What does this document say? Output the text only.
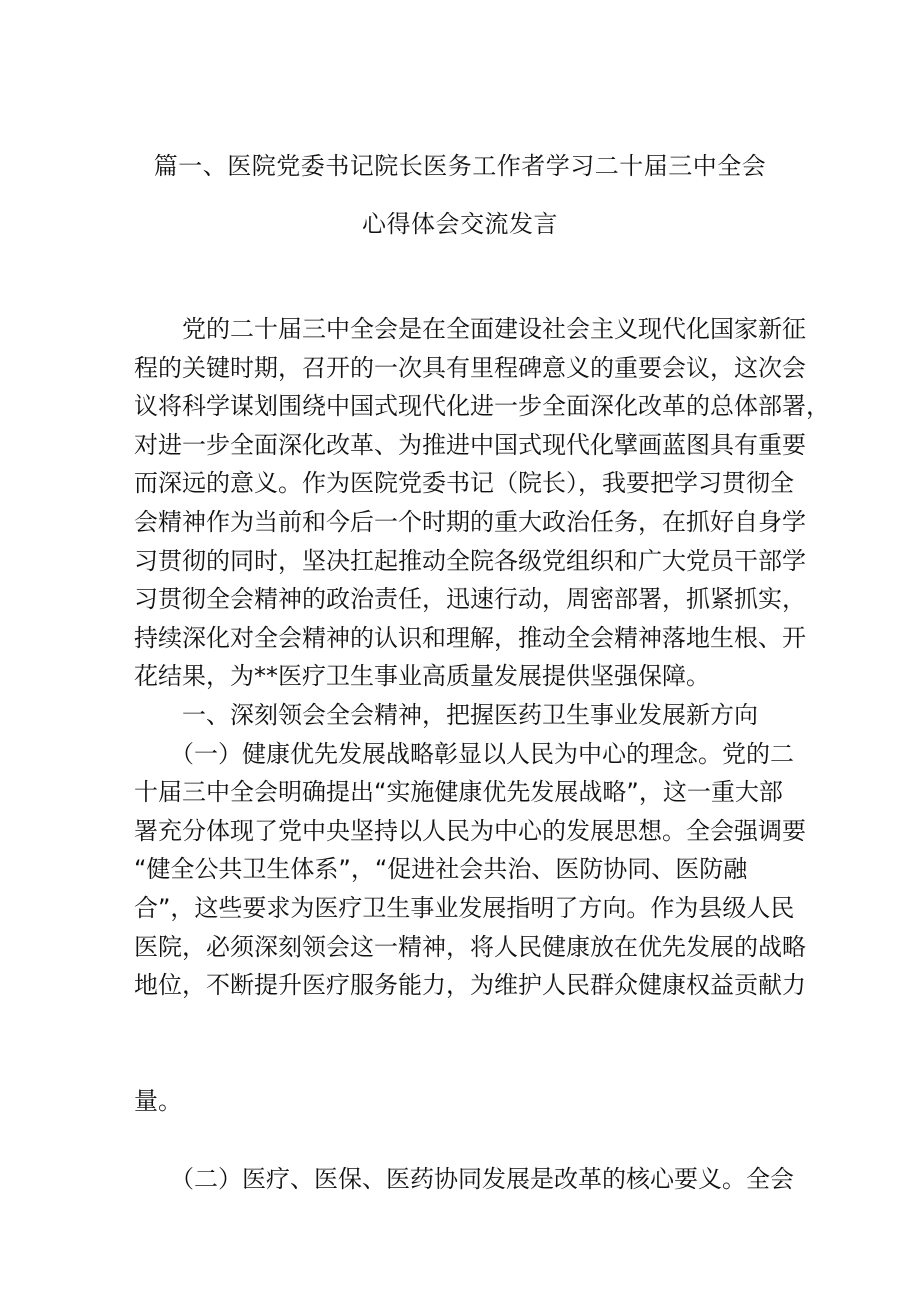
篇一、医院党委书记院长医务工作者学习二十届三中全会
心得体会交流发言
　　党的二十届三中全会是在全面建设社会主义现代化国家新征
程的关键时期，召开的一次具有里程碑意义的重要会议，这次会
议将科学谋划围绕中国式现代化进一步全面深化改革的总体部署，
对进一步全面深化改革、为推进中国式现代化擘画蓝图具有重要
而深远的意义。作为医院党委书记（院长），我要把学习贯彻全
会精神作为当前和今后一个时期的重大政治任务，在抓好自身学
习贯彻的同时，坚决扛起推动全院各级党组织和广大党员干部学
习贯彻全会精神的政治责任，迅速行动，周密部署，抓紧抓实，
持续深化对全会精神的认识和理解，推动全会精神落地生根、开
花结果，为**医疗卫生事业高质量发展提供坚强保障。
　　一、深刻领会全会精神，把握医药卫生事业发展新方向
　　（一）健康优先发展战略彰显以人民为中心的理念。党的二
十届三中全会明确提出“实施健康优先发展战略”，这一重大部
署充分体现了党中央坚持以人民为中心的发展思想。全会强调要
“健全公共卫生体系”，“促进社会共治、医防协同、医防融
合”，这些要求为医疗卫生事业发展指明了方向。作为县级人民
医院，必须深刻领会这一精神，将人民健康放在优先发展的战略
地位，不断提升医疗服务能力，为维护人民群众健康权益贡献力
量。
　　（二）医疗、医保、医药协同发展是改革的核心要义。全会
